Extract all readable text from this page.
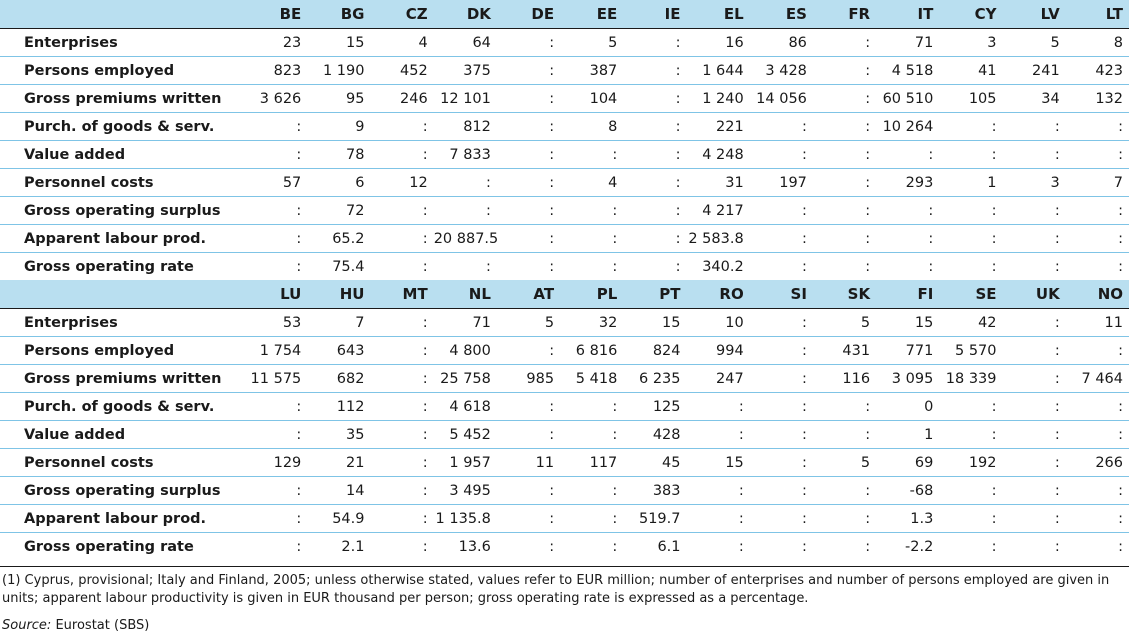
	BE	BG	CZ	DK	DE	EE	IE	EL	ES	FR	IT	CY	LV	LT
Enterprises	23	15	4	64	:	5	:	16	86	:	71	3	5	8
Persons employed	823	1 190	452	375	:	387	:	1 644	3 428	:	4 518	41	241	423
Gross premiums written	3 626	95	246	12 101	:	104	:	1 240	14 056	:	60 510	105	34	132
Purch. of goods & serv.	:	9	:	812	:	8	:	221	:	:	10 264	:	:	:
Value added	:	78	:	7 833	:	:	:	4 248	:	:	:	:	:	:
Personnel costs	57	6	12	:	:	4	:	31	197	:	293	1	3	7
Gross operating surplus	:	72	:	:	:	:	:	4 217	:	:	:	:	:	:
Apparent labour prod.	:	65.2	:	20 887.5	:	:	:	2 583.8	:	:	:	:	:	:
Gross operating rate	:	75.4	:	:	:	:	:	340.2	:	:	:	:	:	:
	LU	HU	MT	NL	AT	PL	PT	RO	SI	SK	FI	SE	UK	NO
Enterprises	53	7	:	71	5	32	15	10	:	5	15	42	:	11
Persons employed	1 754	643	:	4 800	:	6 816	824	994	:	431	771	5 570	:	:
Gross premiums written	11 575	682	:	25 758	985	5 418	6 235	247	:	116	3 095	18 339	:	7 464
Purch. of goods & serv.	:	112	:	4 618	:	:	125	:	:	:	0	:	:	:
Value added	:	35	:	5 452	:	:	428	:	:	:	1	:	:	:
Personnel costs	129	21	:	1 957	11	117	45	15	:	5	69	192	:	266
Gross operating surplus	:	14	:	3 495	:	:	383	:	:	:	-68	:	:	:
Apparent labour prod.	:	54.9	:	1 135.8	:	:	519.7	:	:	:	1.3	:	:	:
Gross operating rate	:	2.1	:	13.6	:	:	6.1	:	:	:	-2.2	:	:	:

(1) Cyprus, provisional; Italy and Finland, 2005; unless otherwise stated, values refer to EUR million; number of enterprises and number of persons employed are given in units; apparent labour productivity is given in EUR thousand per person; gross operating rate is expressed as a percentage.

Source: Eurostat (SBS)
